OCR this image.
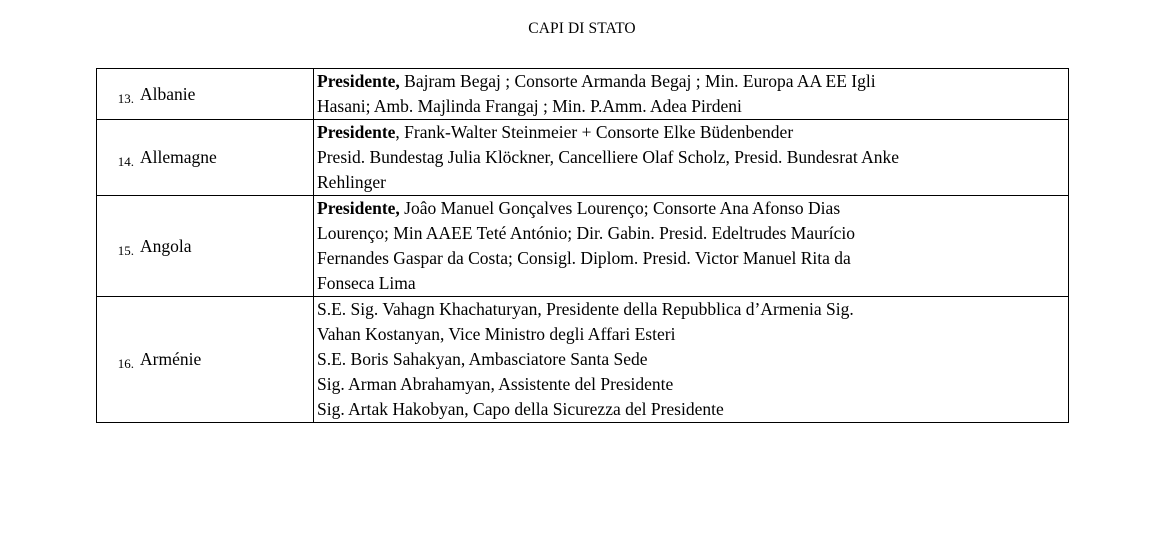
CAPI DI STATO
13.	Albanie	Presidente, Bajram Begaj ; Consorte Armanda Begaj ; Min. Europa AA EE Igli
Hasani; Amb. Majlinda Frangaj ; Min. P.Amm. Adea Pirdeni

14.	Allemagne	Presidente, Frank-Walter Steinmeier + Consorte Elke Büdenbender
Presid. Bundestag Julia Klöckner, Cancelliere Olaf Scholz, Presid. Bundesrat Anke
Rehlinger

15.	Angola	Presidente, Joâo Manuel Gonçalves Lourenço; Consorte Ana Afonso Dias
Lourenço; Min AAEE Teté António; Dir. Gabin. Presid. Edeltrudes Maurício
Fernandes Gaspar da Costa; Consigl. Diplom. Presid. Victor Manuel Rita da
Fonseca Lima

16.	Arménie	S.E. Sig. Vahagn Khachaturyan, Presidente della Repubblica d’Armenia Sig.
Vahan Kostanyan, Vice Ministro degli Affari Esteri
S.E. Boris Sahakyan, Ambasciatore Santa Sede
Sig. Arman Abrahamyan, Assistente del Presidente
Sig. Artak Hakobyan, Capo della Sicurezza del Presidente
